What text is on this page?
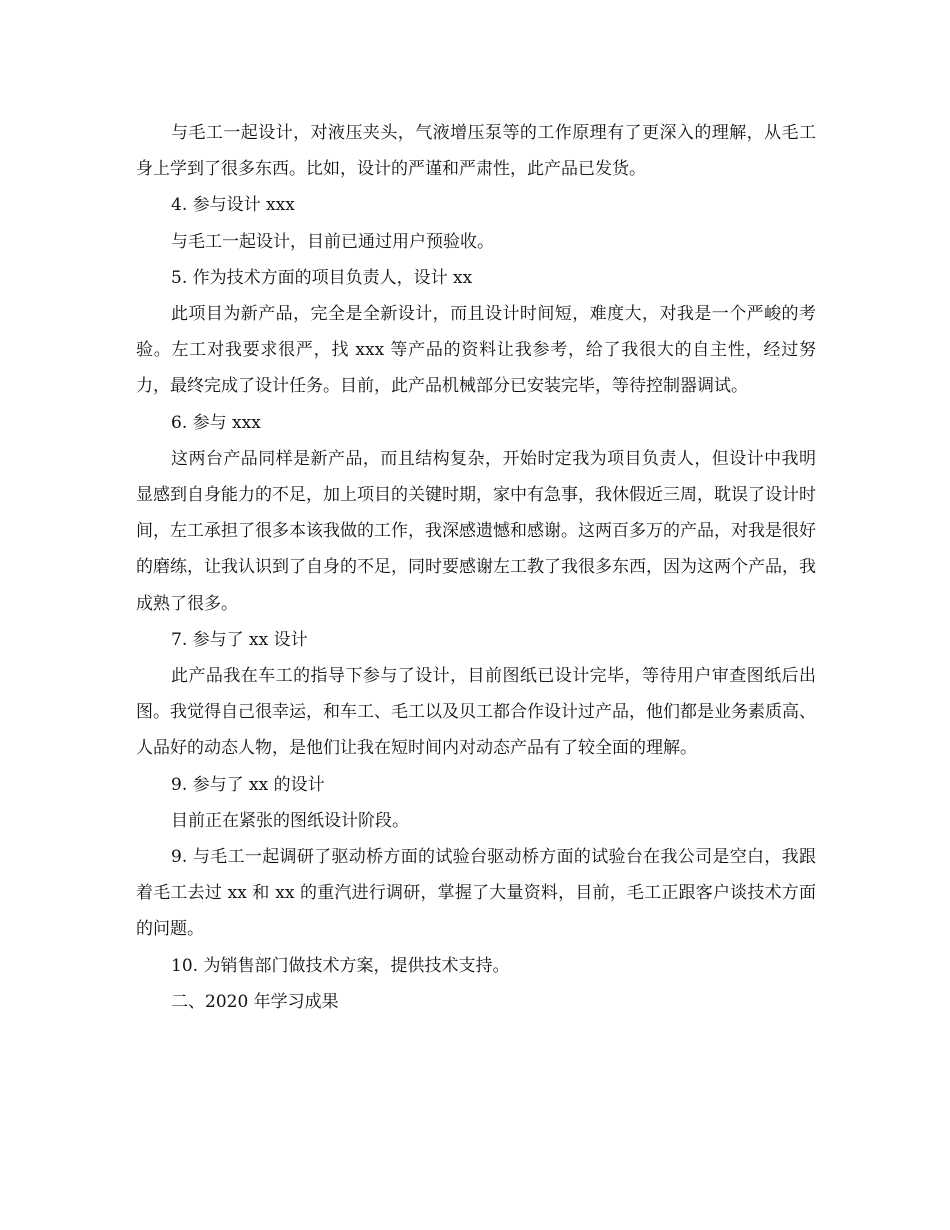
与毛工一起设计，对液压夹头，气液增压泵等的工作原理有了更深入的理解，从毛工身上学到了很多东西。比如，设计的严谨和严肃性，此产品已发货。

4. 参与设计 xxx

与毛工一起设计，目前已通过用户预验收。

5. 作为技术方面的项目负责人，设计 xx

此项目为新产品，完全是全新设计，而且设计时间短，难度大，对我是一个严峻的考验。左工对我要求很严，找 xxx 等产品的资料让我参考，给了我很大的自主性，经过努力，最终完成了设计任务。目前，此产品机械部分已安装完毕，等待控制器调试。

6. 参与 xxx

这两台产品同样是新产品，而且结构复杂，开始时定我为项目负责人，但设计中我明显感到自身能力的不足，加上项目的关键时期，家中有急事，我休假近三周，耽误了设计时间，左工承担了很多本该我做的工作，我深感遗憾和感谢。这两百多万的产品，对我是很好的磨练，让我认识到了自身的不足，同时要感谢左工教了我很多东西，因为这两个产品，我成熟了很多。

7. 参与了 xx 设计

此产品我在车工的指导下参与了设计，目前图纸已设计完毕，等待用户审查图纸后出图。我觉得自己很幸运，和车工、毛工以及贝工都合作设计过产品，他们都是业务素质高、人品好的动态人物，是他们让我在短时间内对动态产品有了较全面的理解。

9. 参与了 xx 的设计

目前正在紧张的图纸设计阶段。

9. 与毛工一起调研了驱动桥方面的试验台驱动桥方面的试验台在我公司是空白，我跟着毛工去过 xx 和 xx 的重汽进行调研，掌握了大量资料，目前，毛工正跟客户谈技术方面的问题。

10. 为销售部门做技术方案，提供技术支持。

二、2020 年学习成果
